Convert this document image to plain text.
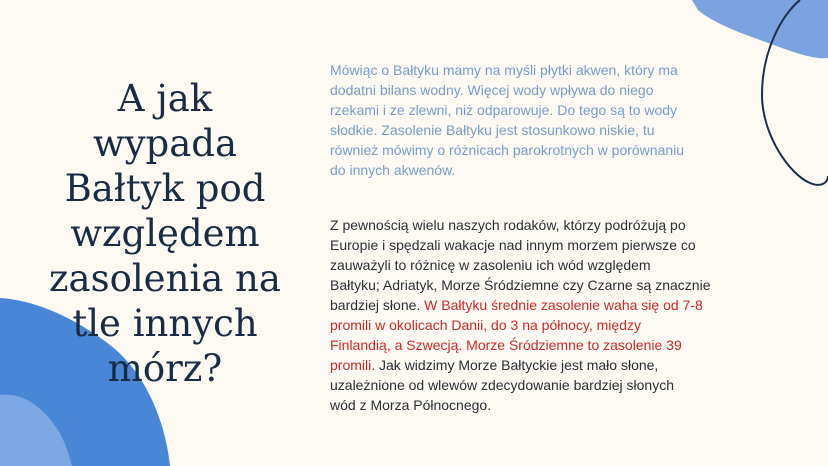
A jak
wypada
Bałtyk pod
względem
zasolenia na
tle innych
mórz?
Mówiąc o Bałtyku mamy na myśli płytki akwen, który ma
dodatni bilans wodny. Więcej wody wpływa do niego
rzekami i ze zlewni, niż odparowuje. Do tego są to wody
słodkie. Zasolenie Bałtyku jest stosunkowo niskie, tu
również mówimy o różnicach parokrotnych w porównaniu
do innych akwenów.
Z pewnością wielu naszych rodaków, którzy podróżują po
Europie i spędzali wakacje nad innym morzem pierwsze co
zauważyli to różnicę w zasoleniu ich wód względem
Bałtyku; Adriatyk, Morze Śródziemne czy Czarne są znacznie
bardziej słone. W Bałtyku średnie zasolenie waha się od 7-8
promili w okolicach Danii, do 3 na północy, między
Finlandią, a Szwecją. Morze Śródziemne to zasolenie 39
promili. Jak widzimy Morze Bałtyckie jest mało słone,
uzależnione od wlewów zdecydowanie bardziej słonych
wód z Morza Północnego.
